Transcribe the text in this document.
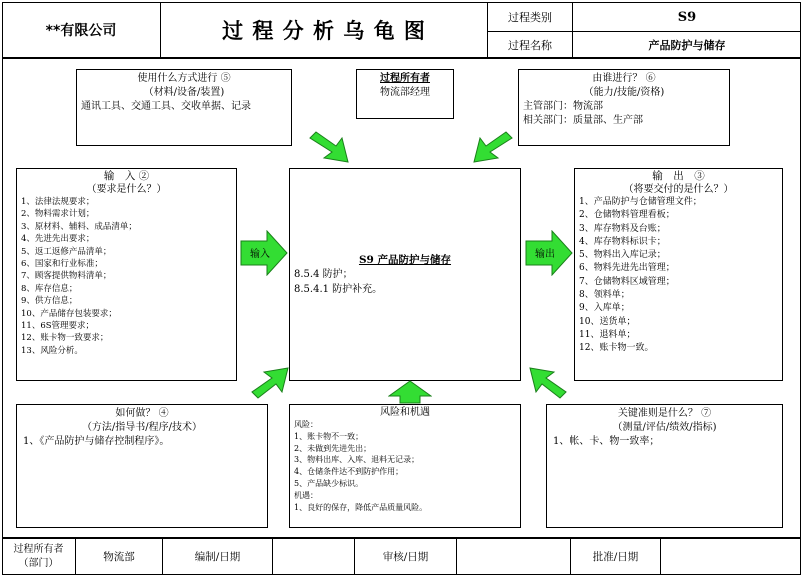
**有限公司	过 程 分 析 乌 龟 图	过程类别	S9
过程名称	产品防护与储存
使用什么方式进行 ⑤
（材料/设备/装置)
通讯工具、交通工具、交收单据、记录
过程所有者
物流部经理
由谁进行？ ⑥
（能力/技能/资格)
主管部门：物流部
相关部门：质量部、生产部
输　入 ②
（要求是什么？）
1、法律法规要求；
2、物料需求计划；
3、原材料、辅料、成品清单；
4、先进先出要求；
5、返工返修产品清单；
6、国家和行业标准；
7、顾客提供物料清单；
8、库存信息；
9、供方信息；
10、产品储存包装要求；
11、6S管理要求；
12、账卡物一致要求；
13、风险分析。
S9 产品防护与储存
8.5.4 防护；
8.5.4.1 防护补充。
输　出　③
（将要交付的是什么？）
1、产品防护与仓储管理文件；
2、仓储物料管理看板；
3、库存物料及台账；
4、库存物料标识卡；
5、物料出入库记录；
6、物料先进先出管理；
7、仓储物料区域管理；
8、领料单；
9、入库单；
10、送货单；
11、退料单；
12、账卡物一致。
如何做？ ④
（方法/指导书/程序/技术）
1、《产品防护与储存控制程序》。
风险和机遇
风险：
1、账卡物不一致；
2、未做到先进先出；
3、物料出库、入库、退料无记录；
4、仓储条件达不到防护作用；
5、产品缺少标识。
机遇：
1、良好的保存，降低产品质量风险。
关键准则是什么？ ⑦
（测量/评估/绩效/指标)
1、帐、卡、物一致率；
输入	输出
过程所有者
（部门）	物流部	编制/日期	审核/日期	批准/日期
